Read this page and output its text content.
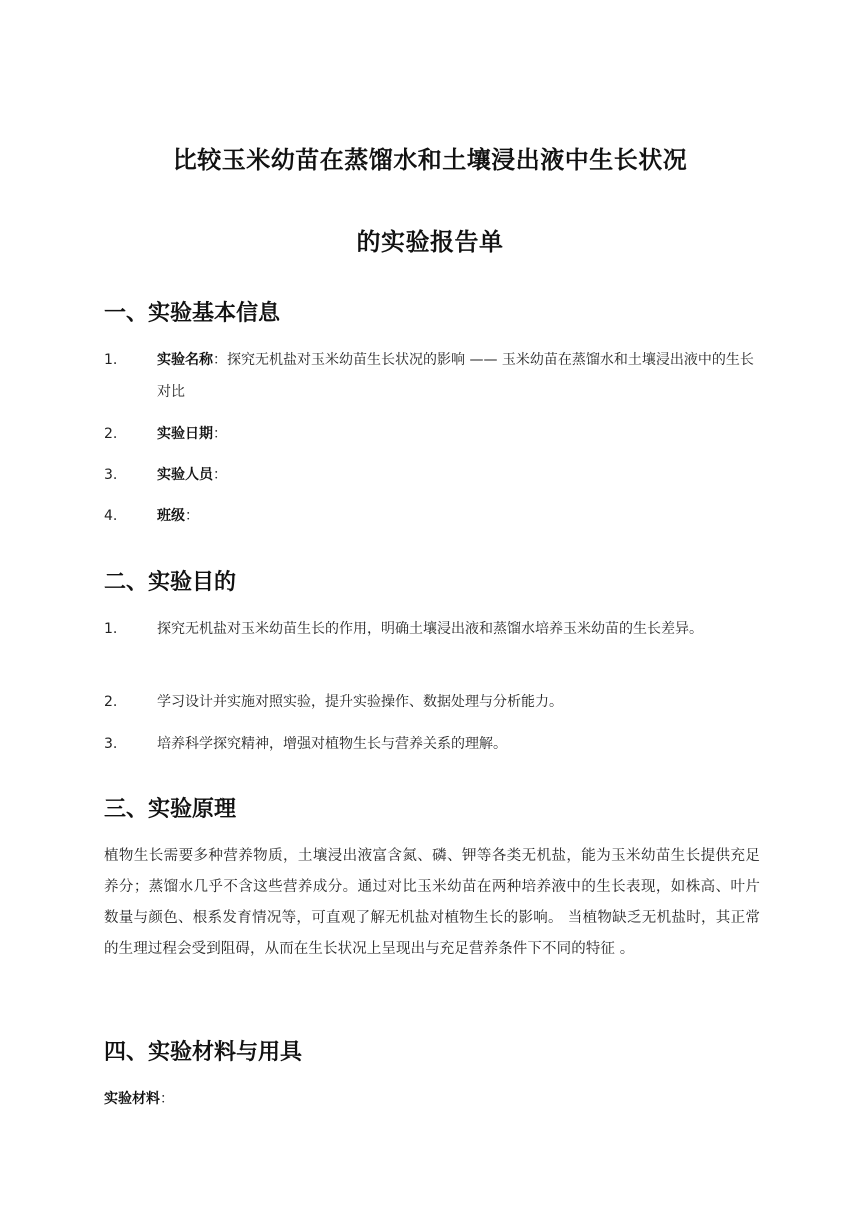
比较玉米幼苗在蒸馏水和土壤浸出液中生长状况
的实验报告单
一、实验基本信息
1.	实验名称：探究无机盐对玉米幼苗生长状况的影响 —— 玉米幼苗在蒸馏水和土壤浸出液中的生长对比
2.	实验日期：
3.	实验人员：
4.	班级：
二、实验目的
1.	探究无机盐对玉米幼苗生长的作用，明确土壤浸出液和蒸馏水培养玉米幼苗的生长差异。
2.	学习设计并实施对照实验，提升实验操作、数据处理与分析能力。
3.	培养科学探究精神，增强对植物生长与营养关系的理解。
三、实验原理
植物生长需要多种营养物质，土壤浸出液富含氮、磷、钾等各类无机盐，能为玉米幼苗生长提供充足养分；蒸馏水几乎不含这些营养成分。通过对比玉米幼苗在两种培养液中的生长表现，如株高、叶片数量与颜色、根系发育情况等，可直观了解无机盐对植物生长的影响。 当植物缺乏无机盐时，其正常的生理过程会受到阻碍，从而在生长状况上呈现出与充足营养条件下不同的特征 。
四、实验材料与用具
实验材料：
